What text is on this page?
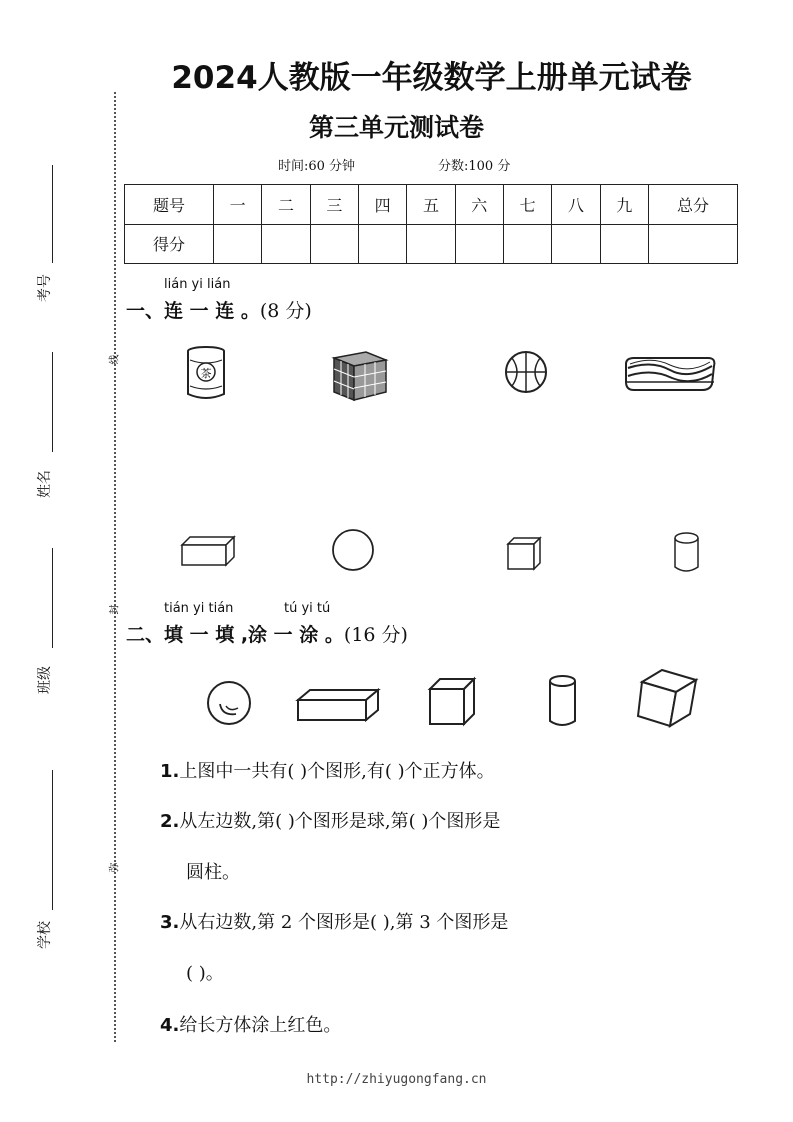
2024人教版一年级数学上册单元试卷
第三单元测试卷
时间:60 分钟	分数:100 分
考号
姓名
班级
学校
线
封
弥
题号	一	二	三	四	五	六	七	八	九	总分
得分										
lián yi lián
一、连 一 连 。(8 分)
茶
tián yi tián	tú yi tú
二、填 一 填 ,涂 一 涂 。(16 分)
1.上图中一共有( )个图形,有( )个正方体。
2.从左边数,第( )个图形是球,第( )个图形是
圆柱。
3.从右边数,第 2 个图形是( ),第 3 个图形是
( )。
4.给长方体涂上红色。
http://zhiyugongfang.cn
